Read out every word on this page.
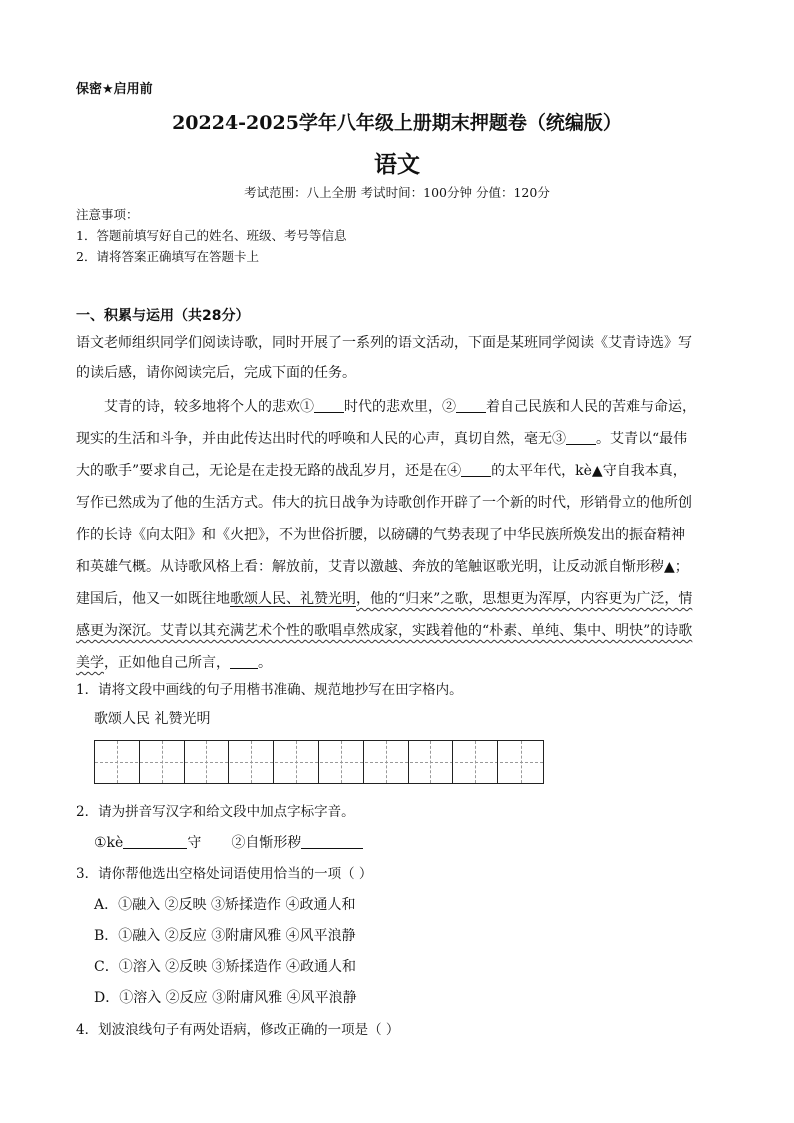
保密★启用前
20224-2025学年八年级上册期末押题卷（统编版）
语文
考试范围：八上全册 考试时间：100分钟 分值：120分
注意事项：
1．答题前填写好自己的姓名、班级、考号等信息
2．请将答案正确填写在答题卡上
一、积累与运用（共28分）
语文老师组织同学们阅读诗歌，同时开展了一系列的语文活动，下面是某班同学阅读《艾青诗选》写
的读后感，请你阅读完后，完成下面的任务。
艾青的诗，较多地将个人的悲欢① 时代的悲欢里，② 着自己民族和人民的苦难与命运，
现实的生活和斗争，并由此传达出时代的呼唤和人民的心声，真切自然，毫无③ 。艾青以“最伟
大的歌手”要求自己，无论是在走投无路的战乱岁月，还是在④ 的太平年代，kè▲守自我本真，
写作已然成为了他的生活方式。伟大的抗日战争为诗歌创作开辟了一个新的时代，形销骨立的他所创
作的长诗《向太阳》和《火把》，不为世俗折腰，以磅礴的气势表现了中华民族所焕发出的振奋精神
和英雄气概。从诗歌风格上看：解放前，艾青以激越、奔放的笔触讴歌光明，让反动派自惭形秽▲；
建国后，他又一如既往地歌颂人民、礼赞光明，他的“归来”之歌，思想更为浑厚，内容更为广泛，情
感更为深沉。艾青以其充满艺术个性的歌唱卓然成家，实践着他的“朴素、单纯、集中、明快”的诗歌
美学，正如他自己所言， 。
1．请将文段中画线的句子用楷书准确、规范地抄写在田字格内。
歌颂人民 礼赞光明
2．请为拼音写汉字和给文段中加点字标字音。
①kè	守 ②自惭形秽
3．请你帮他选出空格处词语使用恰当的一项（ ）
A．①融入 ②反映 ③矫揉造作 ④政通人和
B．①融入 ②反应 ③附庸风雅 ④风平浪静
C．①溶入 ②反映 ③矫揉造作 ④政通人和
D．①溶入 ②反应 ③附庸风雅 ④风平浪静
4．划波浪线句子有两处语病，修改正确的一项是（ ）
